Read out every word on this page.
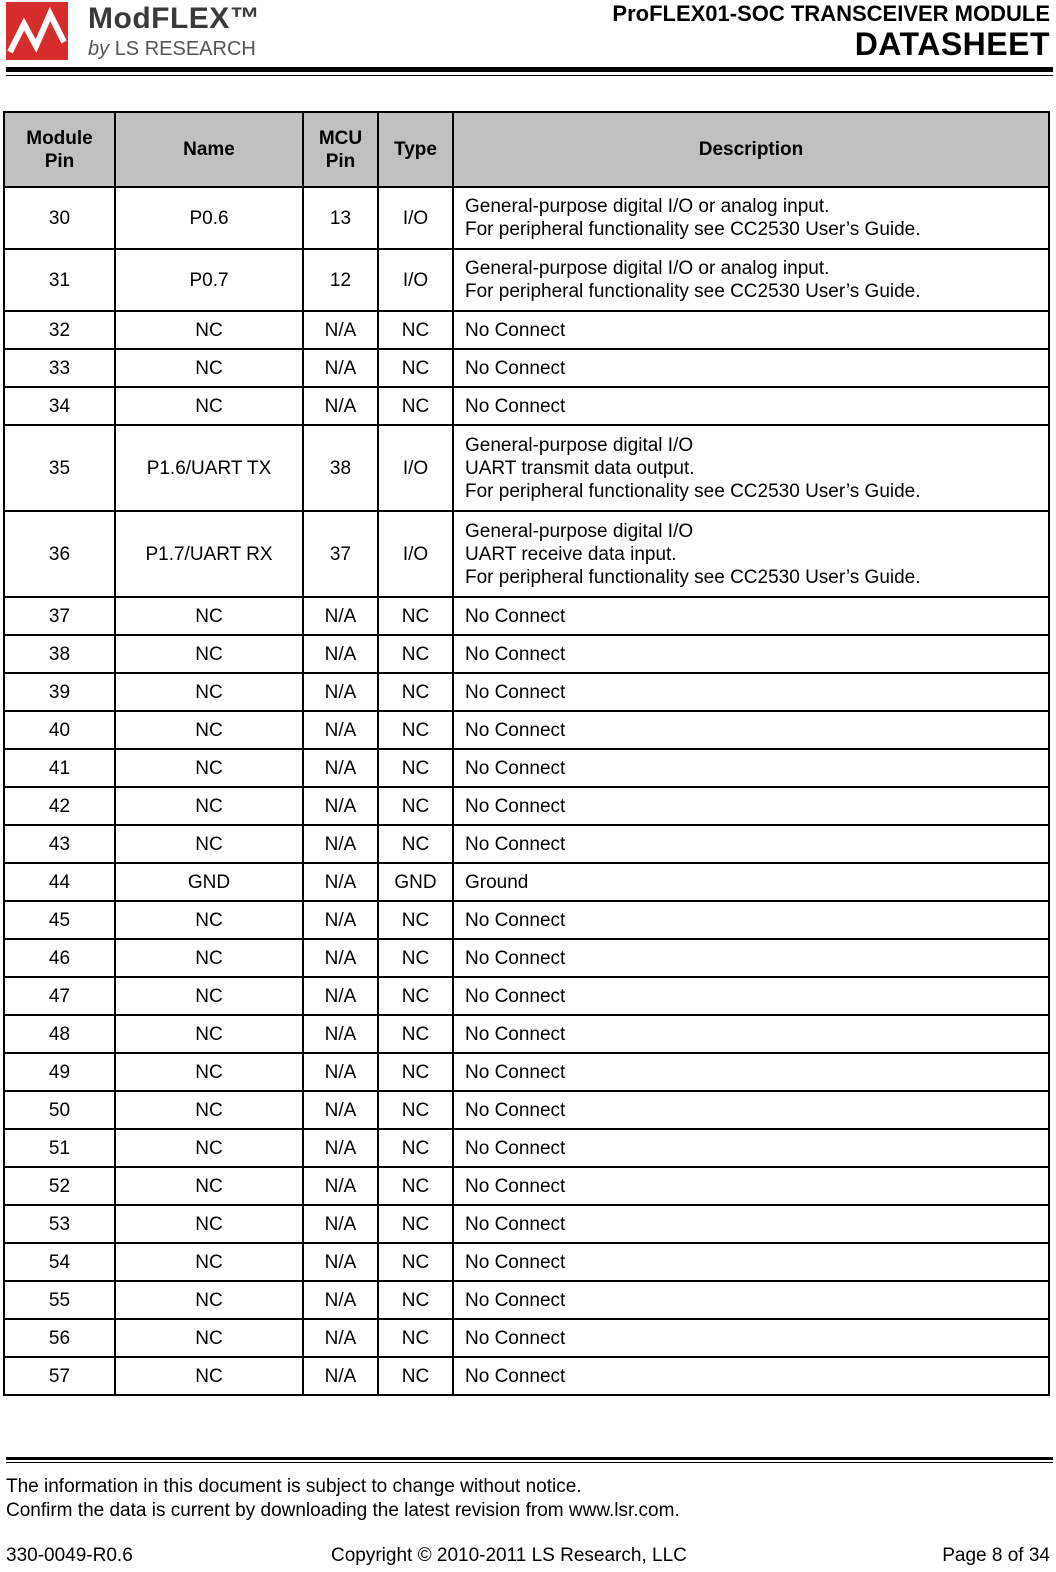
ModFLEX™
by LS RESEARCH
ProFLEX01-SOC TRANSCEIVER MODULE
DATASHEET
Module Pin	Name	MCU Pin	Type	Description
30	P0.6	13	I/O	General-purpose digital I/O or analog input.
For peripheral functionality see CC2530 User’s Guide.

31	P0.7	12	I/O	General-purpose digital I/O or analog input.
For peripheral functionality see CC2530 User’s Guide.

32	NC	N/A	NC	No Connect

33	NC	N/A	NC	No Connect

34	NC	N/A	NC	No Connect

35	P1.6/UART TX	38	I/O	General-purpose digital I/O
UART transmit data output.
For peripheral functionality see CC2530 User’s Guide.

36	P1.7/UART RX	37	I/O	General-purpose digital I/O
UART receive data input.
For peripheral functionality see CC2530 User’s Guide.

37	NC	N/A	NC	No Connect

38	NC	N/A	NC	No Connect

39	NC	N/A	NC	No Connect

40	NC	N/A	NC	No Connect

41	NC	N/A	NC	No Connect

42	NC	N/A	NC	No Connect

43	NC	N/A	NC	No Connect

44	GND	N/A	GND	Ground

45	NC	N/A	NC	No Connect

46	NC	N/A	NC	No Connect

47	NC	N/A	NC	No Connect

48	NC	N/A	NC	No Connect

49	NC	N/A	NC	No Connect

50	NC	N/A	NC	No Connect

51	NC	N/A	NC	No Connect

52	NC	N/A	NC	No Connect

53	NC	N/A	NC	No Connect

54	NC	N/A	NC	No Connect

55	NC	N/A	NC	No Connect

56	NC	N/A	NC	No Connect

57	NC	N/A	NC	No Connect
The information in this document is subject to change without notice.
Confirm the data is current by downloading the latest revision from www.lsr.com.
330-0049-R0.6	Copyright © 2010-2011 LS Research, LLC	Page 8 of 34
